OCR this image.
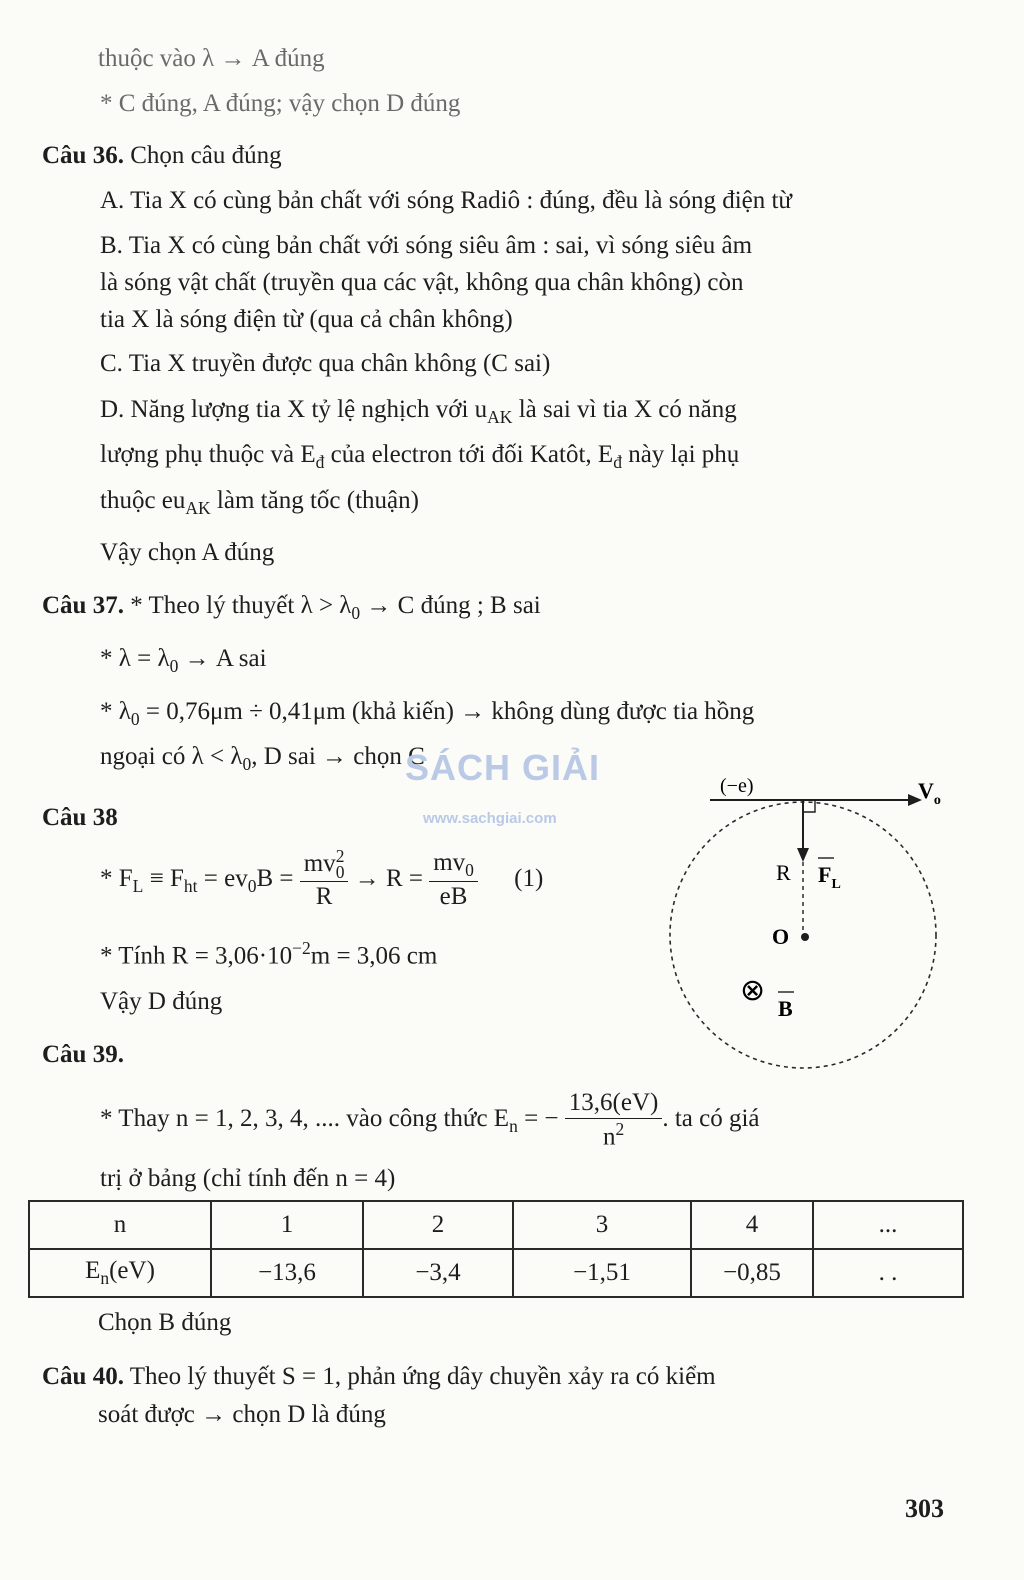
thuộc vào λ → A đúng
* C đúng, A đúng; vậy chọn D đúng
Câu 36. Chọn câu đúng
A. Tia X có cùng bản chất với sóng Radiô : đúng, đều là sóng điện từ
B. Tia X có cùng bản chất với sóng siêu âm : sai, vì sóng siêu âm
là sóng vật chất (truyền qua các vật, không qua chân không) còn
tia X là sóng điện từ (qua cả chân không)
C. Tia X truyền được qua chân không (C sai)
D. Năng lượng tia X tỷ lệ nghịch với $u_{AK}$ là sai vì tia X có năng
lượng phụ thuộc và $E_đ$ của electron tới đối Katôt, $E_đ$ này lại phụ
thuộc $eu_{AK}$ làm tăng tốc (thuận)
Vậy chọn A đúng
Câu 37. * Theo lý thuyết $\lambda > \lambda_0 \to C$ đúng ; B sai
* $\lambda = \lambda_0 \to A$ sai
* $\lambda_0 = 0,76\mu m \div 0,41\mu m$ (khả kiến) → không dùng được tia hồng
ngoại có $\lambda < \lambda_0$, D sai → chọn C
SÁCH GIẢI
www.sachgiai.com
Câu 38
* $F_L \equiv F_{ht} = ev_0B$ = mv 2
0
$R \to R = \frac{mv_0}{eB} (1)$
* Tính $R = 3,06\cdot 10^{-2}m = 3,06$ cm
Vậy D đúng
(−e)	$V_o$
R $F_L$
O
⊗
B
Câu 39.
* Thay n = 1, 2, 3, 4, .... vào công thức $E_n$ = − $\frac{13,6(eV)}{n^2}$ . ta có giá
trị ở bảng (chỉ tính đến n = 4)
n	1	2	3	4	...
$E_n(eV)$	−13,6	−3,4	−1,51	−0,85	. .
Chọn B đúng
Câu 40. Theo lý thuyết S = 1, phản ứng dây chuyền xảy ra có kiểm
soát được → chọn D là đúng
303
